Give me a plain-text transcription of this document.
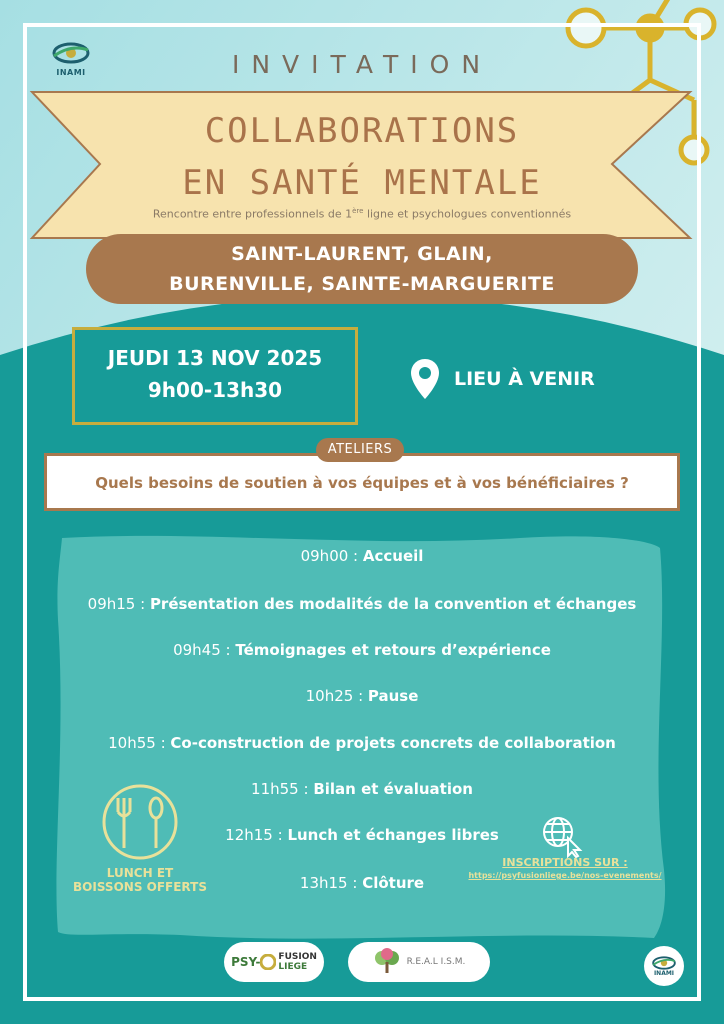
INAMI	INVITATION
COLLABORATIONS
EN SANTÉ MENTALE
Rencontre entre professionnels de 1ère ligne et psychologues conventionnés
SAINT-LAURENT, GLAIN,
BURENVILLE, SAINTE-MARGUERITE
JEUDI 13 NOV 2025
9h00-13h30	LIEU À VENIR
Quels besoins de soutien à vos équipes et à vos bénéficiaires ?
ATELIERS
09h00 : Accueil
09h15 : Présentation des modalités de la convention et échanges
09h45 : Témoignages et retours d’expérience
10h25 : Pause
10h55 : Co-construction de projets concrets de collaboration
11h55 : Bilan et évaluation
12h15 : Lunch et échanges libres
13h15 : Clôture
LUNCH ET
BOISSONS OFFERTS
INSCRIPTIONS SUR :
https://psyfusionliege.be/nos-evenements/
PSY- FUSION
LIEGE	R.E.A.L I.S.M.
INAMI
